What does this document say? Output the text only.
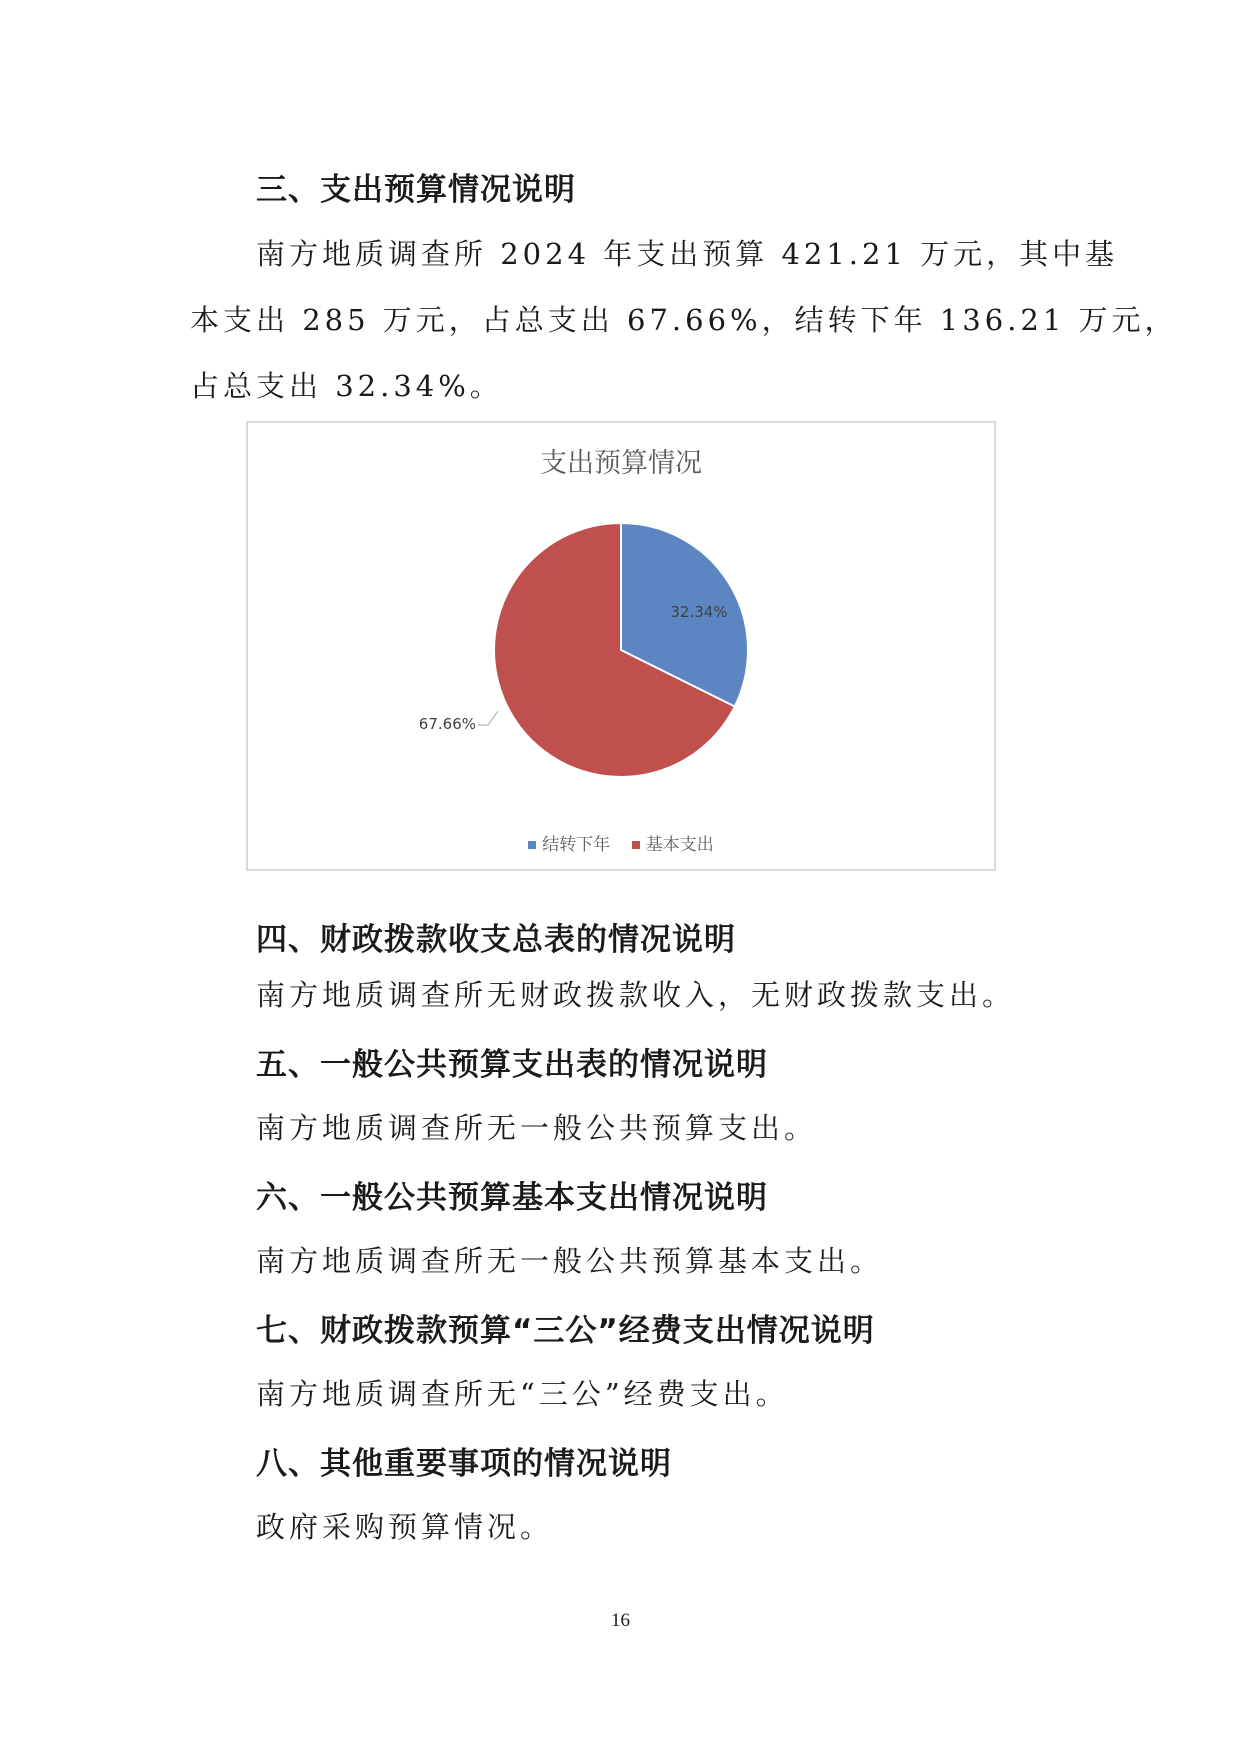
三、支出预算情况说明
南方地质调查所 2024 年支出预算 421.21 万元，其中基
本支出 285 万元，占总支出 67.66%，结转下年 136.21 万元，
占总支出 32.34%。
支出预算情况
32.34%
67.66%
结转下年 基本支出
四、财政拨款收支总表的情况说明
南方地质调查所无财政拨款收入，无财政拨款支出。
五、一般公共预算支出表的情况说明
南方地质调查所无一般公共预算支出。
六、一般公共预算基本支出情况说明
南方地质调查所无一般公共预算基本支出。
七、财政拨款预算“三公”经费支出情况说明
南方地质调查所无“三公”经费支出。
八、其他重要事项的情况说明
政府采购预算情况。
16
